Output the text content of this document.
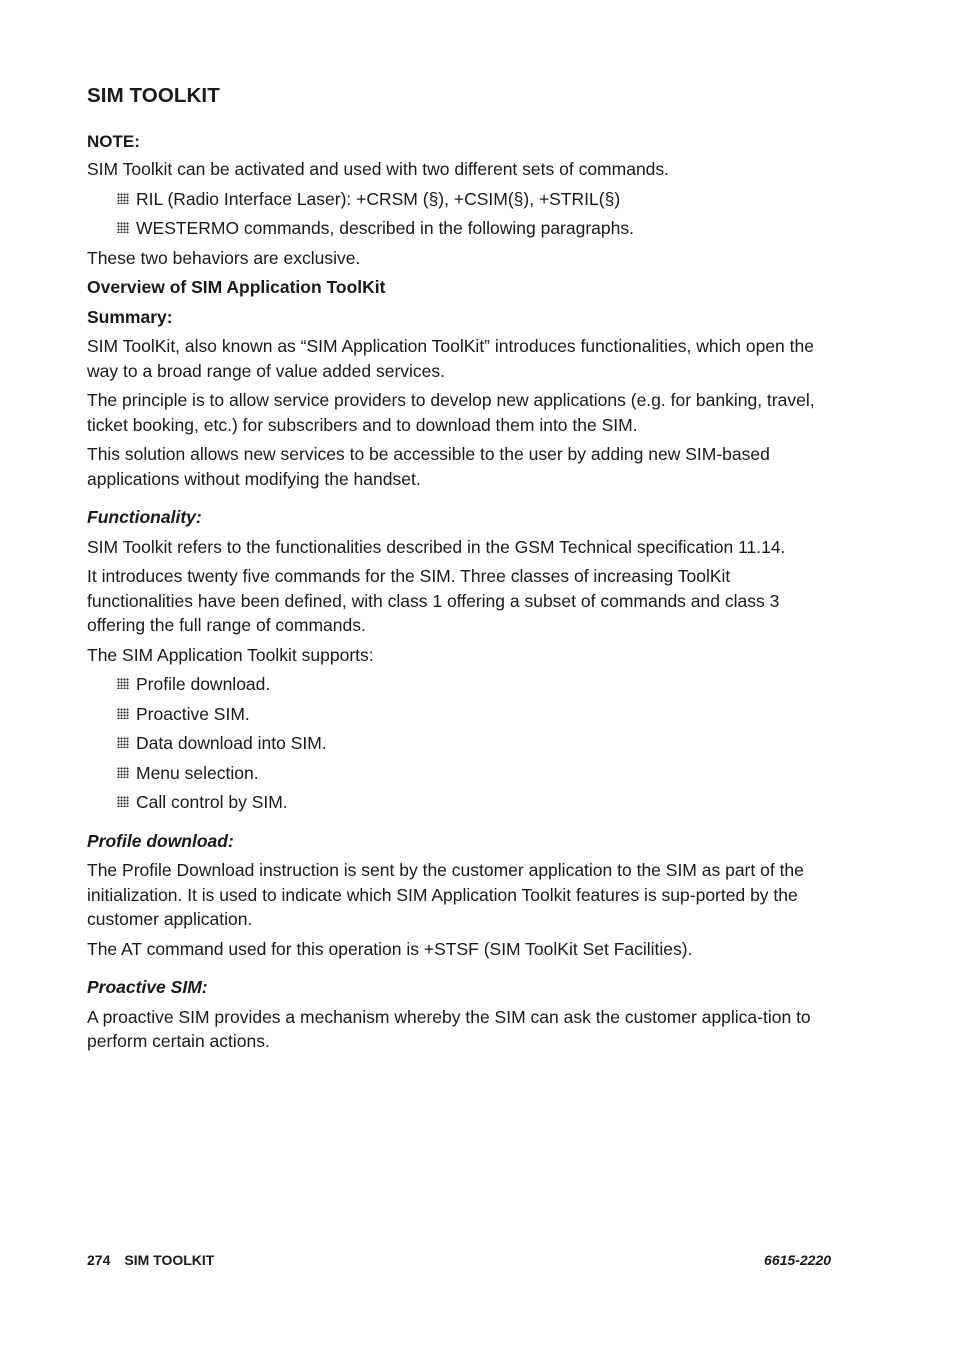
SIM TOOLKIT
NOTE:

SIM Toolkit can be activated and used with two different sets of commands.

RIL (Radio Interface Laser): +CRSM (§), +CSIM(§), +STRIL(§)
WESTERMO commands, described in the following paragraphs.

These two behaviors are exclusive.

Overview of SIM Application ToolKit
Summary:

SIM ToolKit, also known as “SIM Application ToolKit” introduces functionalities, which open the way to a broad range of value added services.

The principle is to allow service providers to develop new applications (e.g. for banking, travel, ticket booking, etc.) for subscribers and to download them into the SIM.

This solution allows new services to be accessible to the user by adding new SIM-based applications without modifying the handset.

Functionality:

SIM Toolkit refers to the functionalities described in the GSM Technical specification 11.14.

It introduces twenty five commands for the SIM. Three classes of increasing ToolKit functionalities have been defined, with class 1 offering a subset of commands and class 3 offering the full range of commands.

The SIM Application Toolkit supports:

Profile download.
Proactive SIM.
Data download into SIM.
Menu selection.
Call control by SIM.
Profile download:

The Profile Download instruction is sent by the customer application to the SIM as part of the initialization. It is used to indicate which SIM Application Toolkit features is sup-ported by the customer application.

The AT command used for this operation is +STSF (SIM ToolKit Set Facilities).

Proactive SIM:

A proactive SIM provides a mechanism whereby the SIM can ask the customer applica-tion to perform certain actions.

274 SIM TOOLKIT	6615-2220
